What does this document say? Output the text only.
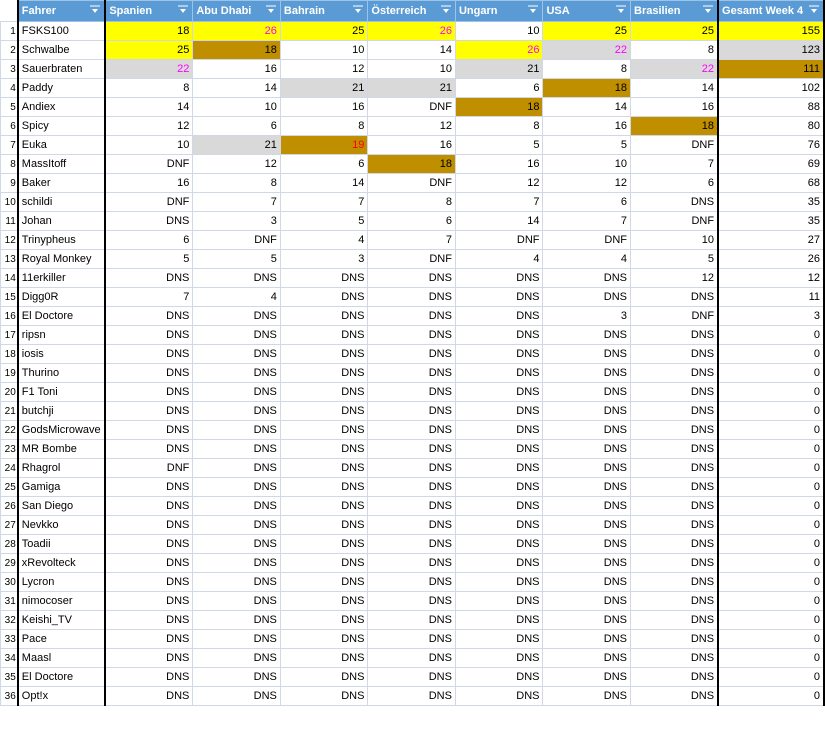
	Fahrer	Spanien	Abu Dhabi	Bahrain	Österreich	Ungarn	USA	Brasilien	Gesamt Week 4

1	FSKS100	18	26	25	26	10	25	25	155
2	Schwalbe	25	18	10	14	26	22	8	123
3	Sauerbraten	22	16	12	10	21	8	22	111
4	Paddy	8	14	21	21	6	18	14	102
5	Andiex	14	10	16	DNF	18	14	16	88
6	Spicy	12	6	8	12	8	16	18	80
7	Euka	10	21	19	16	5	5	DNF	76
8	MassItoff	DNF	12	6	18	16	10	7	69
9	Baker	16	8	14	DNF	12	12	6	68
10	schildi	DNF	7	7	8	7	6	DNS	35
11	Johan	DNS	3	5	6	14	7	DNF	35
12	Trinypheus	6	DNF	4	7	DNF	DNF	10	27
13	Royal Monkey	5	5	3	DNF	4	4	5	26
14	11erkiller	DNS	DNS	DNS	DNS	DNS	DNS	12	12
15	Digg0R	7	4	DNS	DNS	DNS	DNS	DNS	11
16	El Doctore	DNS	DNS	DNS	DNS	DNS	3	DNF	3
17	ripsn	DNS	DNS	DNS	DNS	DNS	DNS	DNS	0
18	iosis	DNS	DNS	DNS	DNS	DNS	DNS	DNS	0
19	Thurino	DNS	DNS	DNS	DNS	DNS	DNS	DNS	0
20	F1 Toni	DNS	DNS	DNS	DNS	DNS	DNS	DNS	0
21	butchji	DNS	DNS	DNS	DNS	DNS	DNS	DNS	0
22	GodsMicrowave	DNS	DNS	DNS	DNS	DNS	DNS	DNS	0
23	MR Bombe	DNS	DNS	DNS	DNS	DNS	DNS	DNS	0
24	Rhagrol	DNF	DNS	DNS	DNS	DNS	DNS	DNS	0
25	Gamiga	DNS	DNS	DNS	DNS	DNS	DNS	DNS	0
26	San Diego	DNS	DNS	DNS	DNS	DNS	DNS	DNS	0
27	Nevkko	DNS	DNS	DNS	DNS	DNS	DNS	DNS	0
28	Toadii	DNS	DNS	DNS	DNS	DNS	DNS	DNS	0
29	xRevolteck	DNS	DNS	DNS	DNS	DNS	DNS	DNS	0
30	Lycron	DNS	DNS	DNS	DNS	DNS	DNS	DNS	0
31	nimocoser	DNS	DNS	DNS	DNS	DNS	DNS	DNS	0
32	Keishi_TV	DNS	DNS	DNS	DNS	DNS	DNS	DNS	0
33	Pace	DNS	DNS	DNS	DNS	DNS	DNS	DNS	0
34	Maasl	DNS	DNS	DNS	DNS	DNS	DNS	DNS	0
35	El Doctore	DNS	DNS	DNS	DNS	DNS	DNS	DNS	0
36	Opt!x	DNS	DNS	DNS	DNS	DNS	DNS	DNS	0
